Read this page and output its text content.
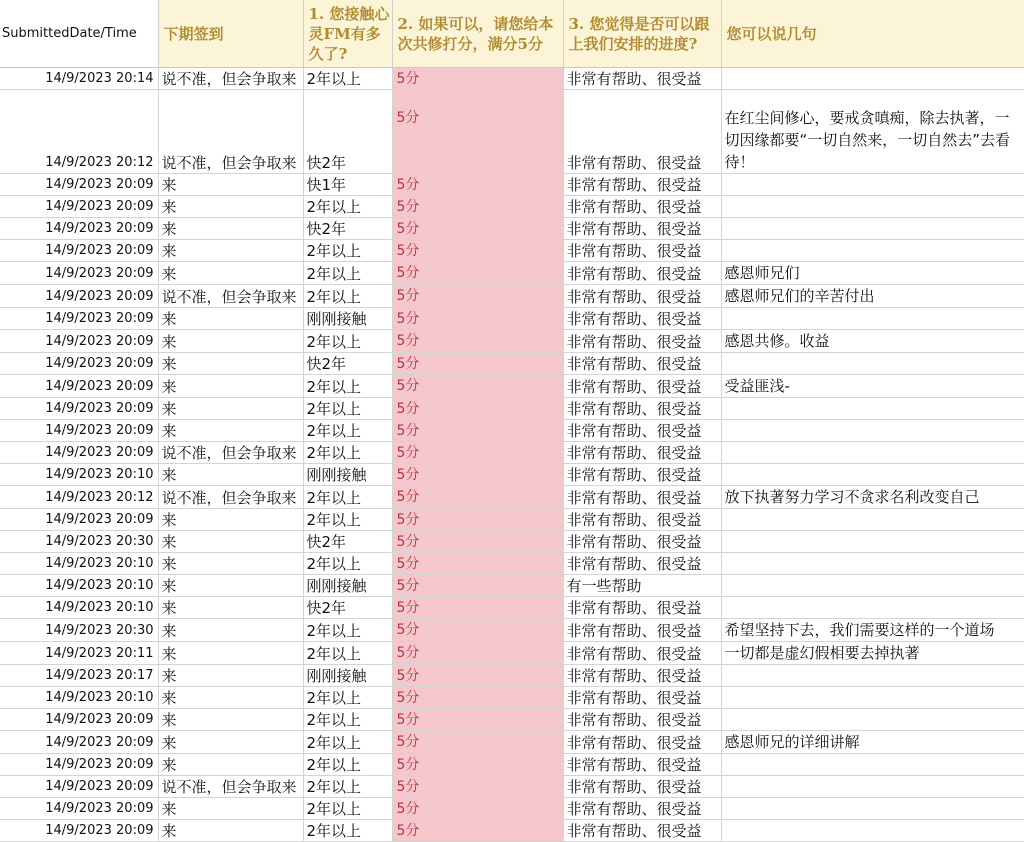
SubmittedDate/Time	下期签到	1. 您接触心灵FM有多久了?	2. 如果可以，请您给本次共修打分，满分5分	3. 您觉得是否可以跟上我们安排的进度?	您可以说几句
14/9/2023 20:14	说不准，但会争取来	2年以上	5分	非常有帮助、很受益	
14/9/2023 20:12	说不准，但会争取来	快2年	5分	非常有帮助、很受益	在红尘间修心，要戒贪嗔痴，除去执著，一切因缘都要“一切自然来，一切自然去”去看待！
14/9/2023 20:09	来	快1年	5分	非常有帮助、很受益	
14/9/2023 20:09	来	2年以上	5分	非常有帮助、很受益	
14/9/2023 20:09	来	快2年	5分	非常有帮助、很受益	
14/9/2023 20:09	来	2年以上	5分	非常有帮助、很受益	
14/9/2023 20:09	来	2年以上	5分	非常有帮助、很受益	感恩师兄们
14/9/2023 20:09	说不准，但会争取来	2年以上	5分	非常有帮助、很受益	感恩师兄们的辛苦付出
14/9/2023 20:09	来	刚刚接触	5分	非常有帮助、很受益	
14/9/2023 20:09	来	2年以上	5分	非常有帮助、很受益	感恩共修。收益
14/9/2023 20:09	来	快2年	5分	非常有帮助、很受益	
14/9/2023 20:09	来	2年以上	5分	非常有帮助、很受益	受益匪浅-
14/9/2023 20:09	来	2年以上	5分	非常有帮助、很受益	
14/9/2023 20:09	来	2年以上	5分	非常有帮助、很受益	
14/9/2023 20:09	说不准，但会争取来	2年以上	5分	非常有帮助、很受益	
14/9/2023 20:10	来	刚刚接触	5分	非常有帮助、很受益	
14/9/2023 20:12	说不准，但会争取来	2年以上	5分	非常有帮助、很受益	放下执著努力学习不贪求名利改变自己
14/9/2023 20:09	来	2年以上	5分	非常有帮助、很受益	
14/9/2023 20:30	来	快2年	5分	非常有帮助、很受益	
14/9/2023 20:10	来	2年以上	5分	非常有帮助、很受益	
14/9/2023 20:10	来	刚刚接触	5分	有一些帮助	
14/9/2023 20:10	来	快2年	5分	非常有帮助、很受益	
14/9/2023 20:30	来	2年以上	5分	非常有帮助、很受益	希望坚持下去，我们需要这样的一个道场
14/9/2023 20:11	来	2年以上	5分	非常有帮助、很受益	一切都是虚幻假相要去掉执著
14/9/2023 20:17	来	刚刚接触	5分	非常有帮助、很受益	
14/9/2023 20:10	来	2年以上	5分	非常有帮助、很受益	
14/9/2023 20:09	来	2年以上	5分	非常有帮助、很受益	
14/9/2023 20:09	来	2年以上	5分	非常有帮助、很受益	感恩师兄的详细讲解
14/9/2023 20:09	来	2年以上	5分	非常有帮助、很受益	
14/9/2023 20:09	说不准，但会争取来	2年以上	5分	非常有帮助、很受益	
14/9/2023 20:09	来	2年以上	5分	非常有帮助、很受益	
14/9/2023 20:09	来	2年以上	5分	非常有帮助、很受益	
